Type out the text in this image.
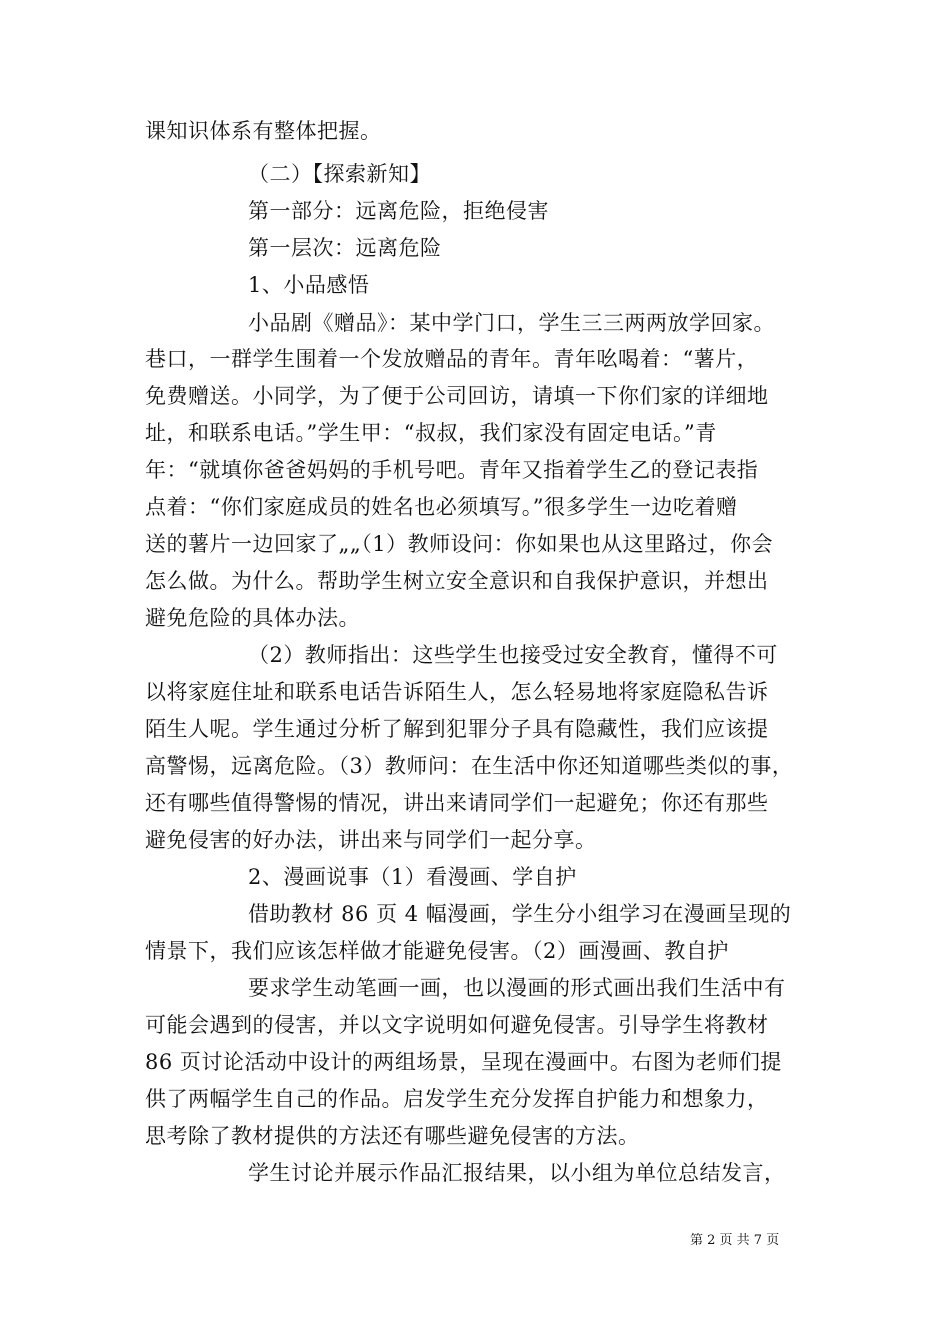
课知识体系有整体把握。
（二）【探索新知】
第一部分：远离危险，拒绝侵害
第一层次：远离危险
1、小品感悟
小品剧《赠品》：某中学门口，学生三三两两放学回家。
巷口，一群学生围着一个发放赠品的青年。青年吆喝着：“薯片，
免费赠送。小同学，为了便于公司回访，请填一下你们家的详细地
址，和联系电话。”学生甲：“叔叔，我们家没有固定电话。”青
年：“就填你爸爸妈妈的手机号吧。青年又指着学生乙的登记表指
点着：“你们家庭成员的姓名也必须填写。”很多学生一边吃着赠
送的薯片一边回家了„„（1）教师设问：你如果也从这里路过，你会
怎么做。为什么。帮助学生树立安全意识和自我保护意识，并想出
避免危险的具体办法。
（2）教师指出：这些学生也接受过安全教育，懂得不可
以将家庭住址和联系电话告诉陌生人，怎么轻易地将家庭隐私告诉
陌生人呢。学生通过分析了解到犯罪分子具有隐藏性，我们应该提
高警惕，远离危险。（3）教师问：在生活中你还知道哪些类似的事，
还有哪些值得警惕的情况，讲出来请同学们一起避免；你还有那些
避免侵害的好办法，讲出来与同学们一起分享。
2、漫画说事（1）看漫画、学自护
借助教材 86 页 4 幅漫画，学生分小组学习在漫画呈现的
情景下，我们应该怎样做才能避免侵害。（2）画漫画、教自护
要求学生动笔画一画，也以漫画的形式画出我们生活中有
可能会遇到的侵害，并以文字说明如何避免侵害。引导学生将教材
86 页讨论活动中设计的两组场景，呈现在漫画中。右图为老师们提
供了两幅学生自己的作品。启发学生充分发挥自护能力和想象力，
思考除了教材提供的方法还有哪些避免侵害的方法。
学生讨论并展示作品汇报结果，以小组为单位总结发言，
第 2 页 共 7 页
